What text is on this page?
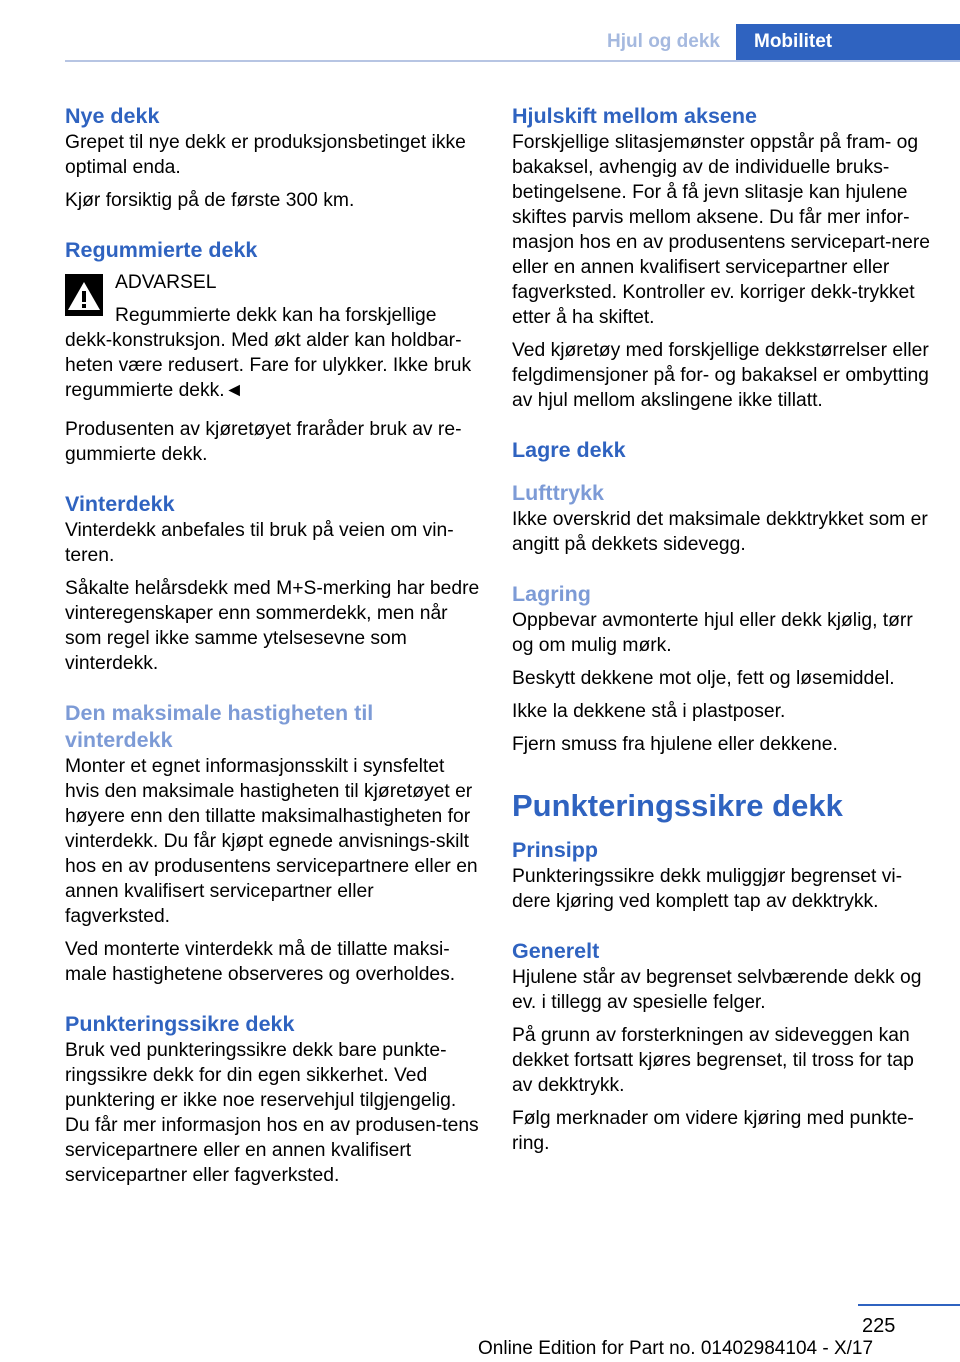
Hjul og dekk	Mobilitet
Nye dekk

Grepet til nye dekk er produksjonsbetinget ikke optimal enda.

Kjør forsiktig på de første 300 km.

Regummierte dekk

ADVARSEL

Regummierte dekk kan ha forskjellige dekk-konstruksjon. Med økt alder kan holdbar-heten være redusert. Fare for ulykker. Ikke bruk regummierte dekk.◄

Produsenten av kjøretøyet fraråder bruk av re-gummierte dekk.

Vinterdekk

Vinterdekk anbefales til bruk på veien om vin-teren.

Såkalte helårsdekk med M+S-merking har bedre vinteregenskaper enn sommerdekk, men når som regel ikke samme ytelsesevne som vinterdekk.

Den maksimale hastigheten til vinterdekk

Monter et egnet informasjonsskilt i synsfeltet hvis den maksimale hastigheten til kjøretøyet er høyere enn den tillatte maksimalhastigheten for vinterdekk. Du får kjøpt egnede anvisnings-skilt hos en av produsentens servicepartnere eller en annen kvalifisert servicepartner eller fagverksted.

Ved monterte vinterdekk må de tillatte maksi-male hastighetene observeres og overholdes.

Punkteringssikre dekk

Bruk ved punkteringssikre dekk bare punkte-ringssikre dekk for din egen sikkerhet. Ved punktering er ikke noe reservehjul tilgjengelig. Du får mer informasjon hos en av produsen-tens servicepartnere eller en annen kvalifisert servicepartner eller fagverksted.

Hjulskift mellom aksene

Forskjellige slitasjemønster oppstår på fram- og bakaksel, avhengig av de individuelle bruks-betingelsene. For å få jevn slitasje kan hjulene skiftes parvis mellom aksene. Du får mer infor-masjon hos en av produsentens servicepart-nere eller en annen kvalifisert servicepartner eller fagverksted. Kontroller ev. korriger dekk-trykket etter å ha skiftet.

Ved kjøretøy med forskjellige dekkstørrelser eller felgdimensjoner på for- og bakaksel er ombytting av hjul mellom akslingene ikke tillatt.

Lagre dekk
Lufttrykk

Ikke overskrid det maksimale dekktrykket som er angitt på dekkets sidevegg.

Lagring

Oppbevar avmonterte hjul eller dekk kjølig, tørr og om mulig mørk.

Beskytt dekkene mot olje, fett og løsemiddel.

Ikke la dekkene stå i plastposer.

Fjern smuss fra hjulene eller dekkene.

Punkteringssikre dekk
Prinsipp

Punkteringssikre dekk muliggjør begrenset vi-dere kjøring ved komplett tap av dekktrykk.

Generelt

Hjulene står av begrenset selvbærende dekk og ev. i tillegg av spesielle felger.

På grunn av forsterkningen av sideveggen kan dekket fortsatt kjøres begrenset, til tross for tap av dekktrykk.

Følg merknader om videre kjøring med punkte-ring.

225
Online Edition for Part no. 01402984104 - X/17
